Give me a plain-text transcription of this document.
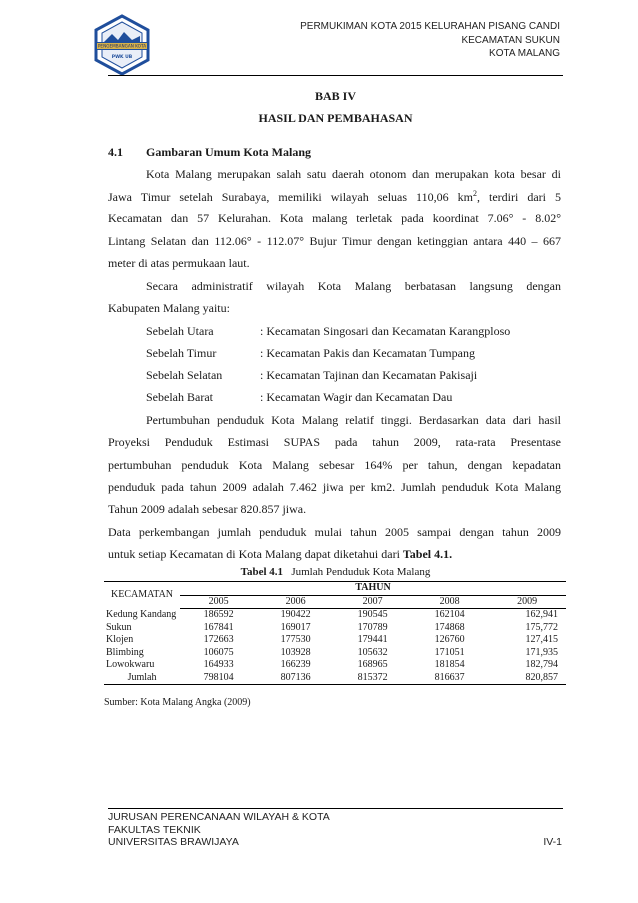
PENGEMBANGAN KOTA
PWK UB
PERMUKIMAN KOTA 2015 KELURAHAN PISANG CANDI
KECAMATAN SUKUN
KOTA MALANG
BAB IV
HASIL DAN PEMBAHASAN
4.1 Gambaran Umum Kota Malang
Kota Malang merupakan salah satu daerah otonom dan merupakan kota besar di
Jawa Timur setelah Surabaya, memiliki wilayah seluas 110,06 $km^2$, terdiri dari 5
Kecamatan dan 57 Kelurahan. Kota malang terletak pada koordinat 7.06° - 8.02°
Lintang Selatan dan 112.06° - 112.07° Bujur Timur dengan ketinggian antara 440 – 667
meter di atas permukaan laut.
Secara administratif wilayah Kota Malang berbatasan langsung dengan
Kabupaten Malang yaitu:
Sebelah Utara	: Kecamatan Singosari dan Kecamatan Karangploso
Sebelah Timur	: Kecamatan Pakis dan Kecamatan Tumpang
Sebelah Selatan	: Kecamatan Tajinan dan Kecamatan Pakisaji
Sebelah Barat	: Kecamatan Wagir dan Kecamatan Dau
Pertumbuhan penduduk Kota Malang relatif tinggi. Berdasarkan data dari hasil
Proyeksi Penduduk Estimasi SUPAS pada tahun 2009, rata-rata Presentase
pertumbuhan penduduk Kota Malang sebesar 164% per tahun, dengan kepadatan
penduduk pada tahun 2009 adalah 7.462 jiwa per km2. Jumlah penduduk Kota Malang
Tahun 2009 adalah sebesar 820.857 jiwa.
Data perkembangan jumlah penduduk mulai tahun 2005 sampai dengan tahun 2009
untuk setiap Kecamatan di Kota Malang dapat diketahui dari Tabel 4.1.
Tabel 4.1 Jumlah Penduduk Kota Malang
KECAMATAN	TAHUN				
	2005	2006	2007	2008	2009
Kedung Kandang	186592	190422	190545	162104	162,941
Sukun	167841	169017	170789	174868	175,772
Klojen	172663	177530	179441	126760	127,415
Blimbing	106075	103928	105632	171051	171,935
Lowokwaru	164933	166239	168965	181854	182,794
Jumlah	798104	807136	815372	816637	820,857
Sumber: Kota Malang Angka (2009)
JURUSAN PERENCANAAN WILAYAH & KOTA
FAKULTAS TEKNIK
UNIVERSITAS BRAWIJAYA	IV-1
